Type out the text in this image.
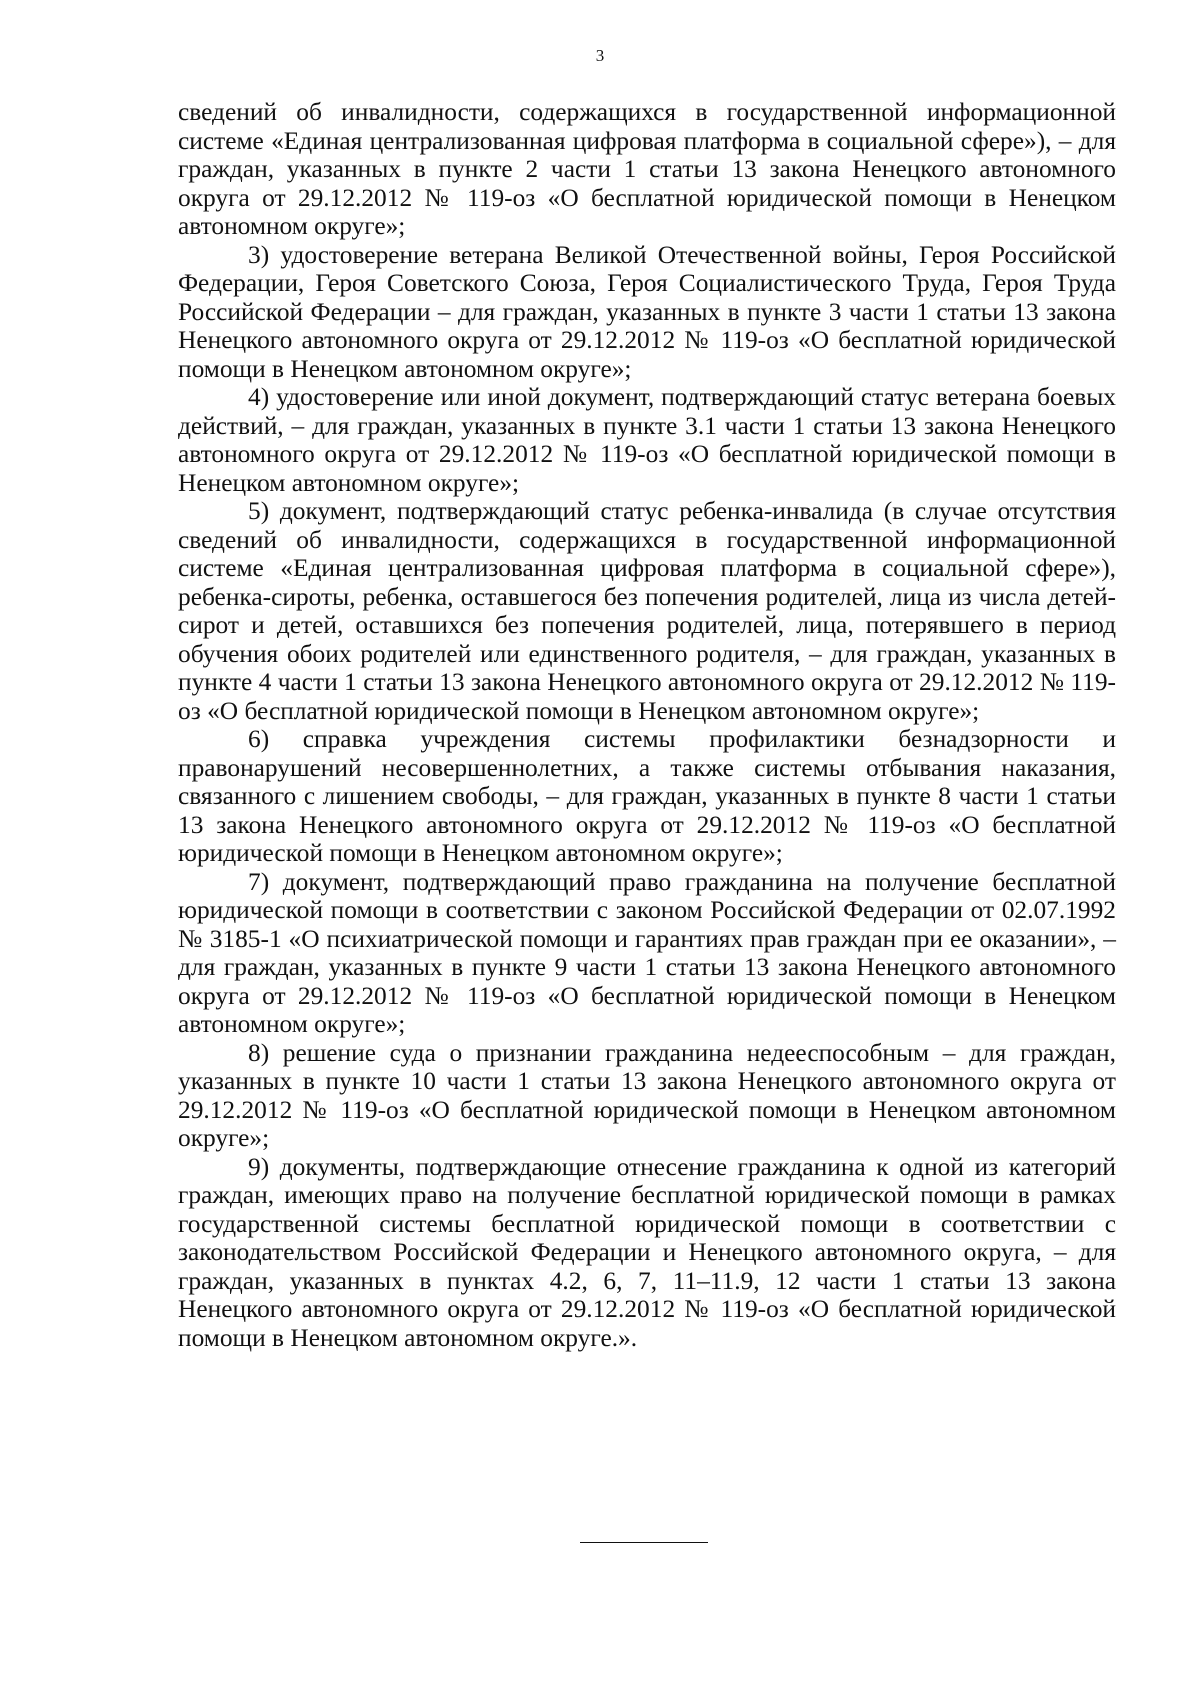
3

сведений об инвалидности, содержащихся в государственной информационной системе «Единая централизованная цифровая платформа в социальной сфере»), – для граждан, указанных в пункте 2 части 1 статьи 13 закона Ненецкого автономного округа от 29.12.2012 № 119-оз «О бесплатной юридической помощи в Ненецком автономном округе»;

3) удостоверение ветерана Великой Отечественной войны, Героя Российской Федерации, Героя Советского Союза, Героя Социалистического Труда, Героя Труда Российской Федерации – для граждан, указанных в пункте 3 части 1 статьи 13 закона Ненецкого автономного округа от 29.12.2012 № 119-оз «О бесплатной юридической помощи в Ненецком автономном округе»;

4) удостоверение или иной документ, подтверждающий статус ветерана боевых действий, – для граждан, указанных в пункте 3.1 части 1 статьи 13 закона Ненецкого автономного округа от 29.12.2012 № 119-оз «О бесплатной юридической помощи в Ненецком автономном округе»;

5) документ, подтверждающий статус ребенка-инвалида (в случае отсутствия сведений об инвалидности, содержащихся в государственной информационной системе «Единая централизованная цифровая платформа в социальной сфере»), ребенка-сироты, ребенка, оставшегося без попечения родителей, лица из числа детей-сирот и детей, оставшихся без попечения родителей, лица, потерявшего в период обучения обоих родителей или единственного родителя, – для граждан, указанных в пункте 4 части 1 статьи 13 закона Ненецкого автономного округа от 29.12.2012 № 119-оз «О бесплатной юридической помощи в Ненецком автономном округе»;

6) справка учреждения системы профилактики безнадзорности и правонарушений несовершеннолетних, а также системы отбывания наказания, связанного с лишением свободы, – для граждан, указанных в пункте 8 части 1 статьи 13 закона Ненецкого автономного округа от 29.12.2012 № 119-оз «О бесплатной юридической помощи в Ненецком автономном округе»;

7) документ, подтверждающий право гражданина на получение бесплатной юридической помощи в соответствии с законом Российской Федерации от 02.07.1992 № 3185-1 «О психиатрической помощи и гарантиях прав граждан при ее оказании», – для граждан, указанных в пункте 9 части 1 статьи 13 закона Ненецкого автономного округа от 29.12.2012 № 119-оз «О бесплатной юридической помощи в Ненецком автономном округе»;

8) решение суда о признании гражданина недееспособным – для граждан, указанных в пункте 10 части 1 статьи 13 закона Ненецкого автономного округа от 29.12.2012 № 119-оз «О бесплатной юридической помощи в Ненецком автономном округе»;

9) документы, подтверждающие отнесение гражданина к одной из категорий граждан, имеющих право на получение бесплатной юридической помощи в рамках государственной системы бесплатной юридической помощи в соответствии с законодательством Российской Федерации и Ненецкого автономного округа, – для граждан, указанных в пунктах 4.2, 6, 7, 11–11.9, 12 части 1 статьи 13 закона Ненецкого автономного округа от 29.12.2012 № 119-оз «О бесплатной юридической помощи в Ненецком автономном округе.».
